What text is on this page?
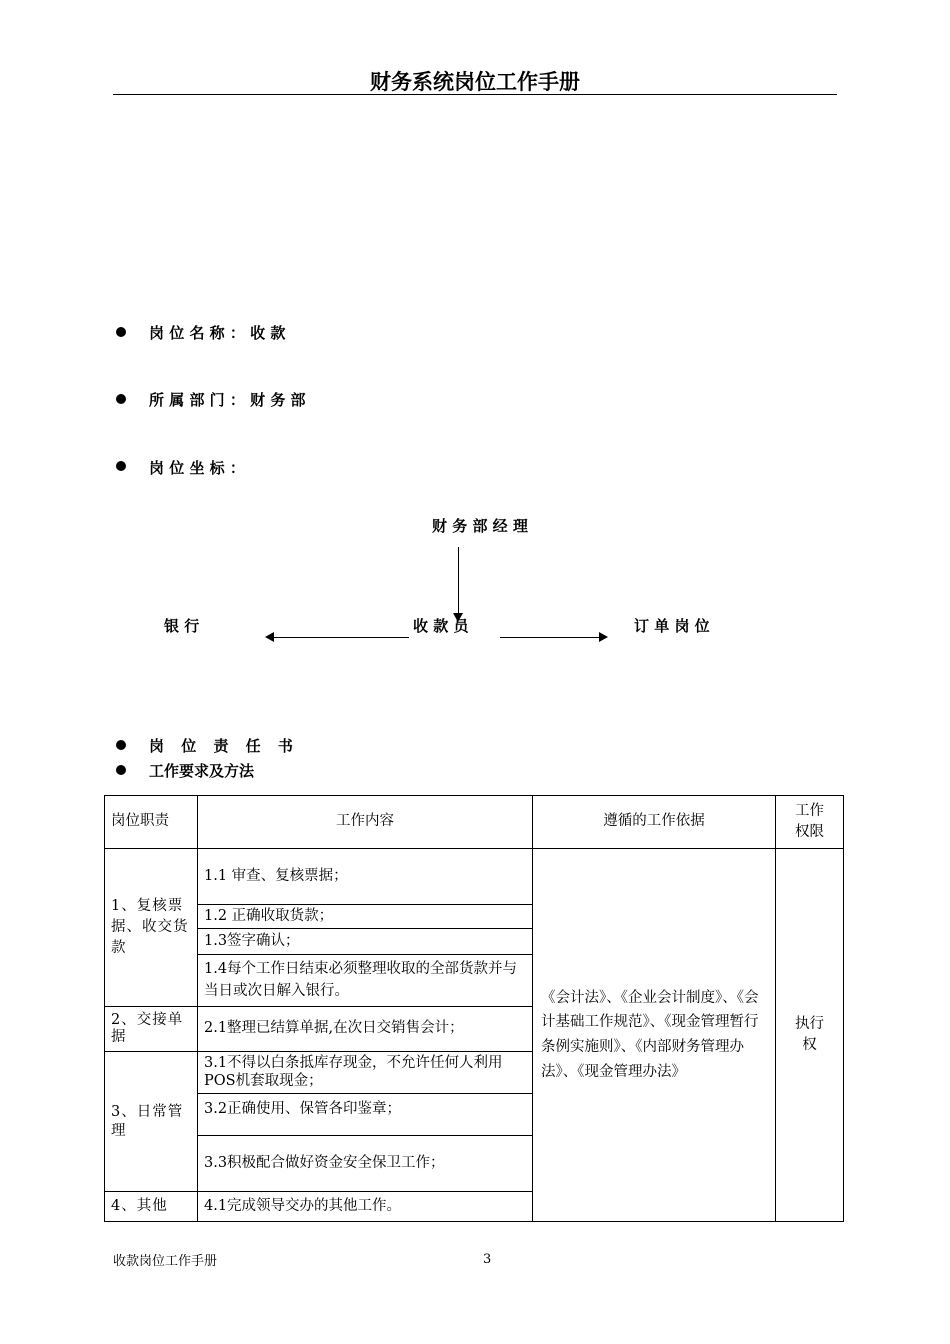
财务系统岗位工作手册
岗 位 名 称 ： 收 款
所 属 部 门 ： 财 务 部
岗 位 坐 标 ：
财 务 部 经 理
银 行	收 款 员	订 单 岗 位
岗 位 责 任 书
工作要求及方法
岗位职责	工作内容	遵循的工作依据	工作权限
1、复核票据、收交货款	1.1 审查、复核票据；	《会计法》、《企业会计制度》、《会计基础工作规范》、《现金管理暂行条例实施则》、《内部财务管理办法》、《现金管理办法》	执行权
	1.2 正确收取货款；		
	1.3签字确认；		
	1.4每个工作日结束必须整理收取的全部货款并与当日或次日解入银行。		
2、交接单据	2.1整理已结算单据,在次日交销售会计；		
3、日常管理	3.1不得以白条抵库存现金，不允许任何人利用POS机套取现金；		
	3.2正确使用、保管各印鉴章；		
	3.3积极配合做好资金安全保卫工作；		
4、其他	4.1完成领导交办的其他工作。		
收款岗位工作手册	3
